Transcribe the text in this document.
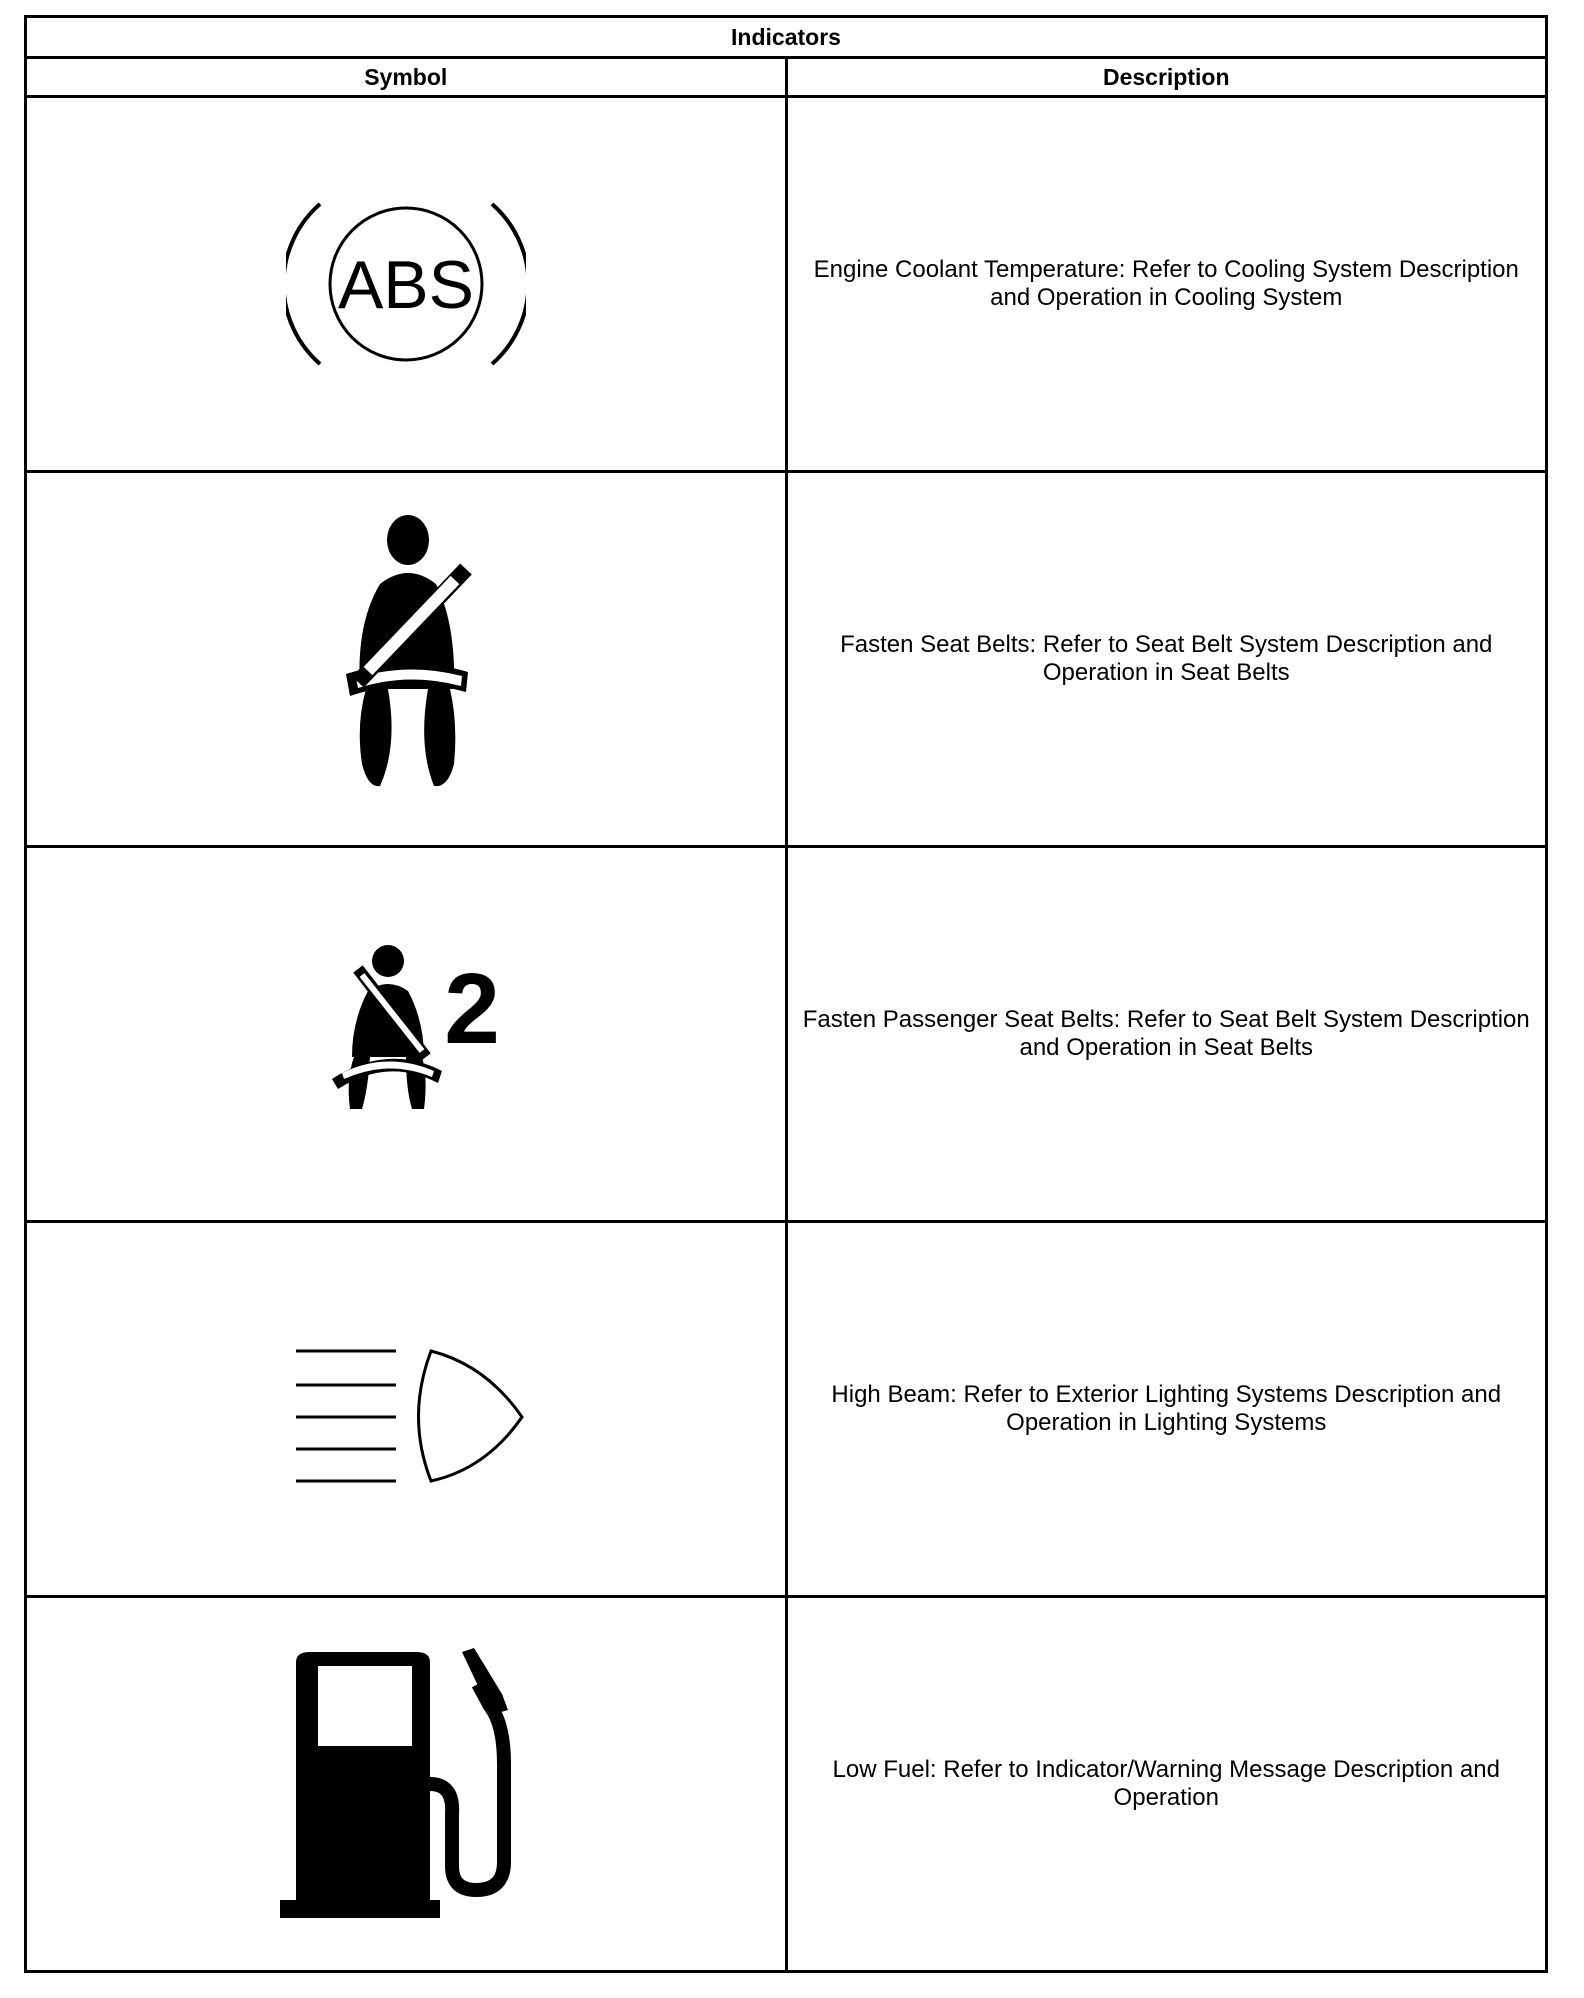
Indicators	
Symbol	Description

ABS	Engine Coolant Temperature: Refer to Cooling System Description and Operation in Cooling System

	Fasten Seat Belts: Refer to Seat Belt System Description and Operation in Seat Belts

2	Fasten Passenger Seat Belts: Refer to Seat Belt System Description and Operation in Seat Belts

	High Beam: Refer to Exterior Lighting Systems Description and Operation in Lighting Systems

	Low Fuel: Refer to Indicator/Warning Message Description and Operation
